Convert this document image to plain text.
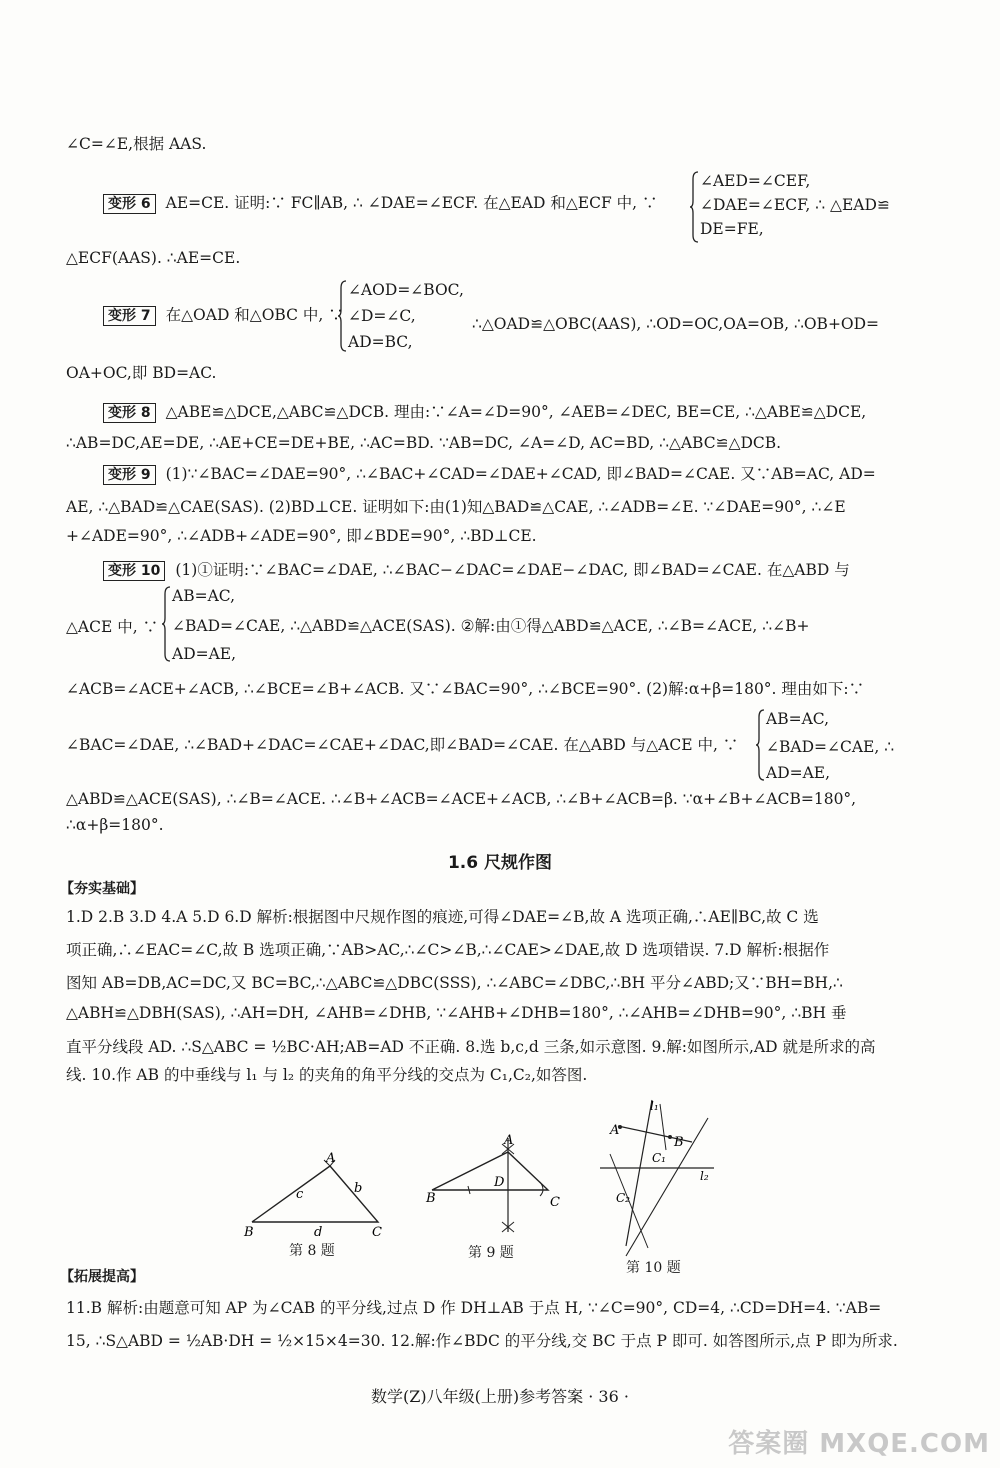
∠C=∠E,根据 AAS.
变形 6 AE=CE. 证明:∵ FC∥AB, ∴ ∠DAE=∠ECF. 在△EAD 和△ECF 中, ∵
∠AED=∠CEF,
∠DAE=∠ECF, ∴ △EAD≌
DE=FE,
△ECF(AAS). ∴AE=CE.
变形 7 在△OAD 和△OBC 中, ∵
∠AOD=∠BOC,
∠D=∠C,
AD=BC,
∴△OAD≌△OBC(AAS), ∴OD=OC,OA=OB, ∴OB+OD=
OA+OC,即 BD=AC.
变形 8 △ABE≌△DCE,△ABC≌△DCB. 理由:∵∠A=∠D=90°, ∠AEB=∠DEC, BE=CE, ∴△ABE≌△DCE,
∴AB=DC,AE=DE, ∴AE+CE=DE+BE, ∴AC=BD. ∵AB=DC, ∠A=∠D, AC=BD, ∴△ABC≌△DCB.
变形 9 (1)∵∠BAC=∠DAE=90°, ∴∠BAC+∠CAD=∠DAE+∠CAD, 即∠BAD=∠CAE. 又∵AB=AC, AD=
AE, ∴△BAD≌△CAE(SAS). (2)BD⊥CE. 证明如下:由(1)知△BAD≌△CAE, ∴∠ADB=∠E. ∵∠DAE=90°, ∴∠E
+∠ADE=90°, ∴∠ADB+∠ADE=90°, 即∠BDE=90°, ∴BD⊥CE.
变形 10 (1)①证明:∵∠BAC=∠DAE, ∴∠BAC−∠DAC=∠DAE−∠DAC, 即∠BAD=∠CAE. 在△ABD 与
△ACE 中, ∵
AB=AC,
∠BAD=∠CAE, ∴△ABD≌△ACE(SAS). ②解:由①得△ABD≌△ACE, ∴∠B=∠ACE, ∴∠B+
AD=AE,
∠ACB=∠ACE+∠ACB, ∴∠BCE=∠B+∠ACB. 又∵∠BAC=90°, ∴∠BCE=90°. (2)解:α+β=180°. 理由如下:∵
∠BAC=∠DAE, ∴∠BAD+∠DAC=∠CAE+∠DAC,即∠BAD=∠CAE. 在△ABD 与△ACE 中, ∵
AB=AC,
∠BAD=∠CAE, ∴
AD=AE,
△ABD≌△ACE(SAS), ∴∠B=∠ACE. ∴∠B+∠ACB=∠ACE+∠ACB, ∴∠B+∠ACB=β. ∵α+∠B+∠ACB=180°,
∴α+β=180°.
1.6 尺规作图
【夯实基础】
1.D 2.B 3.D 4.A 5.D 6.D 解析:根据图中尺规作图的痕迹,可得∠DAE=∠B,故 A 选项正确,∴AE∥BC,故 C 选
项正确,∴∠EAC=∠C,故 B 选项正确,∵AB>AC,∴∠C>∠B,∴∠CAE>∠DAE,故 D 选项错误. 7.D 解析:根据作
图知 AB=DB,AC=DC,又 BC=BC,∴△ABC≌△DBC(SSS), ∴∠ABC=∠DBC,∴BH 平分∠ABD;又∵BH=BH,∴
△ABH≌△DBH(SAS), ∴AH=DH, ∠AHB=∠DHB, ∵∠AHB+∠DHB=180°, ∴∠AHB=∠DHB=90°, ∴BH 垂
直平分线段 AD. ∴S△ABC = ½BC·AH;AB=AD 不正确. 8.选 b,c,d 三条,如示意图. 9.解:如图所示,AD 就是所求的高
线. 10.作 AB 的中垂线与 l₁ 与 l₂ 的夹角的角平分线的交点为 C₁,C₂,如答图.
A
B	C
b
c
d
第 8 题
A
B	C
D
第 9 题
l₁
l₂
A
B
C₁
C₂
第 10 题
【拓展提高】
11.B 解析:由题意可知 AP 为∠CAB 的平分线,过点 D 作 DH⊥AB 于点 H, ∵∠C=90°, CD=4, ∴CD=DH=4. ∵AB=
15, ∴S△ABD = ½AB·DH = ½×15×4=30. 12.解:作∠BDC 的平分线,交 BC 于点 P 即可. 如答图所示,点 P 即为所求.
数学(Z)八年级(上册)参考答案 · 36 ·
答案圈 MXQE.COM
